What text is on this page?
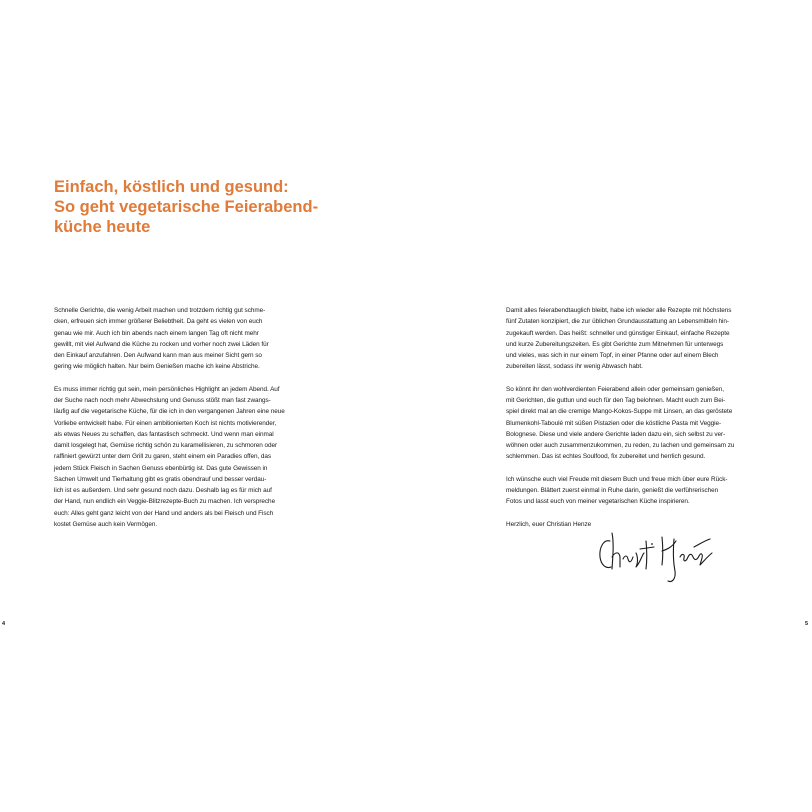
Einfach, köstlich und gesund:
So geht vegetarische Feierabend-
küche heute

Schnelle Gerichte, die wenig Arbeit machen und trotzdem richtig gut schme-
cken, erfreuen sich immer größerer Beliebtheit. Da geht es vielen von euch
genau wie mir. Auch ich bin abends nach einem langen Tag oft nicht mehr
gewillt, mit viel Aufwand die Küche zu rocken und vorher noch zwei Läden für
den Einkauf anzufahren. Den Aufwand kann man aus meiner Sicht gern so
gering wie möglich halten. Nur beim Genießen mache ich keine Abstriche.

Es muss immer richtig gut sein, mein persönliches Highlight an jedem Abend. Auf
der Suche nach noch mehr Abwechslung und Genuss stößt man fast zwangs-
läufig auf die vegetarische Küche, für die ich in den vergangenen Jahren eine neue
Vorliebe entwickelt habe. Für einen ambitionierten Koch ist nichts motivierender,
als etwas Neues zu schaffen, das fantastisch schmeckt. Und wenn man einmal
damit losgelegt hat, Gemüse richtig schön zu karamellisieren, zu schmoren oder
raffiniert gewürzt unter dem Grill zu garen, steht einem ein Paradies offen, das
jedem Stück Fleisch in Sachen Genuss ebenbürtig ist. Das gute Gewissen in
Sachen Umwelt und Tierhaltung gibt es gratis obendrauf und besser verdau-
lich ist es außerdem. Und sehr gesund noch dazu. Deshalb lag es für mich auf
der Hand, nun endlich ein Veggie-Blitzrezepte-Buch zu machen. Ich verspreche
euch: Alles geht ganz leicht von der Hand und anders als bei Fleisch und Fisch
kostet Gemüse auch kein Vermögen.

Damit alles feierabendtauglich bleibt, habe ich wieder alle Rezepte mit höchstens
fünf Zutaten konzipiert, die zur üblichen Grundausstattung an Lebensmitteln hin-
zugekauft werden. Das heißt: schneller und günstiger Einkauf, einfache Rezepte
und kurze Zubereitungszeiten. Es gibt Gerichte zum Mitnehmen für unterwegs
und vieles, was sich in nur einem Topf, in einer Pfanne oder auf einem Blech
zubereiten lässt, sodass ihr wenig Abwasch habt.

So könnt ihr den wohlverdienten Feierabend allein oder gemeinsam genießen,
mit Gerichten, die guttun und euch für den Tag belohnen. Macht euch zum Bei-
spiel direkt mal an die cremige Mango-Kokos-Suppe mit Linsen, an das geröstete
Blumenkohl-Taboulé mit süßen Pistazien oder die köstliche Pasta mit Veggie-
Bolognese. Diese und viele andere Gerichte laden dazu ein, sich selbst zu ver-
wöhnen oder auch zusammenzukommen, zu reden, zu lachen und gemeinsam zu
schlemmen. Das ist echtes Soulfood, fix zubereitet und herrlich gesund.

Ich wünsche euch viel Freude mit diesem Buch und freue mich über eure Rück-
meldungen. Blättert zuerst einmal in Ruhe darin, genießt die verführerischen
Fotos und lasst euch von meiner vegetarischen Küche inspirieren.

Herzlich, euer Christian Henze

4	5
